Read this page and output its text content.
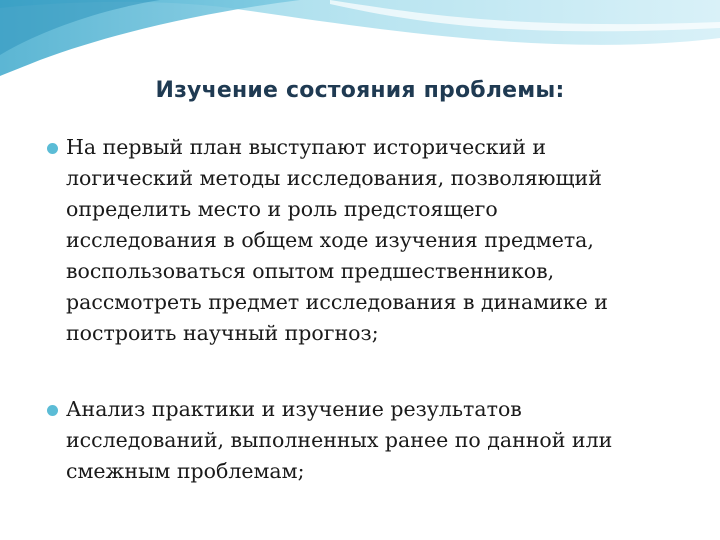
Изучение состояния проблемы:
На первый план выступают исторический и
логический методы исследования, позволяющий
определить место и роль предстоящего
исследования в общем ходе изучения предмета,
воспользоваться опытом предшественников,
рассмотреть предмет исследования в динамике и
построить научный прогноз;
Анализ практики и изучение результатов
исследований, выполненных ранее по данной или
смежным проблемам;
